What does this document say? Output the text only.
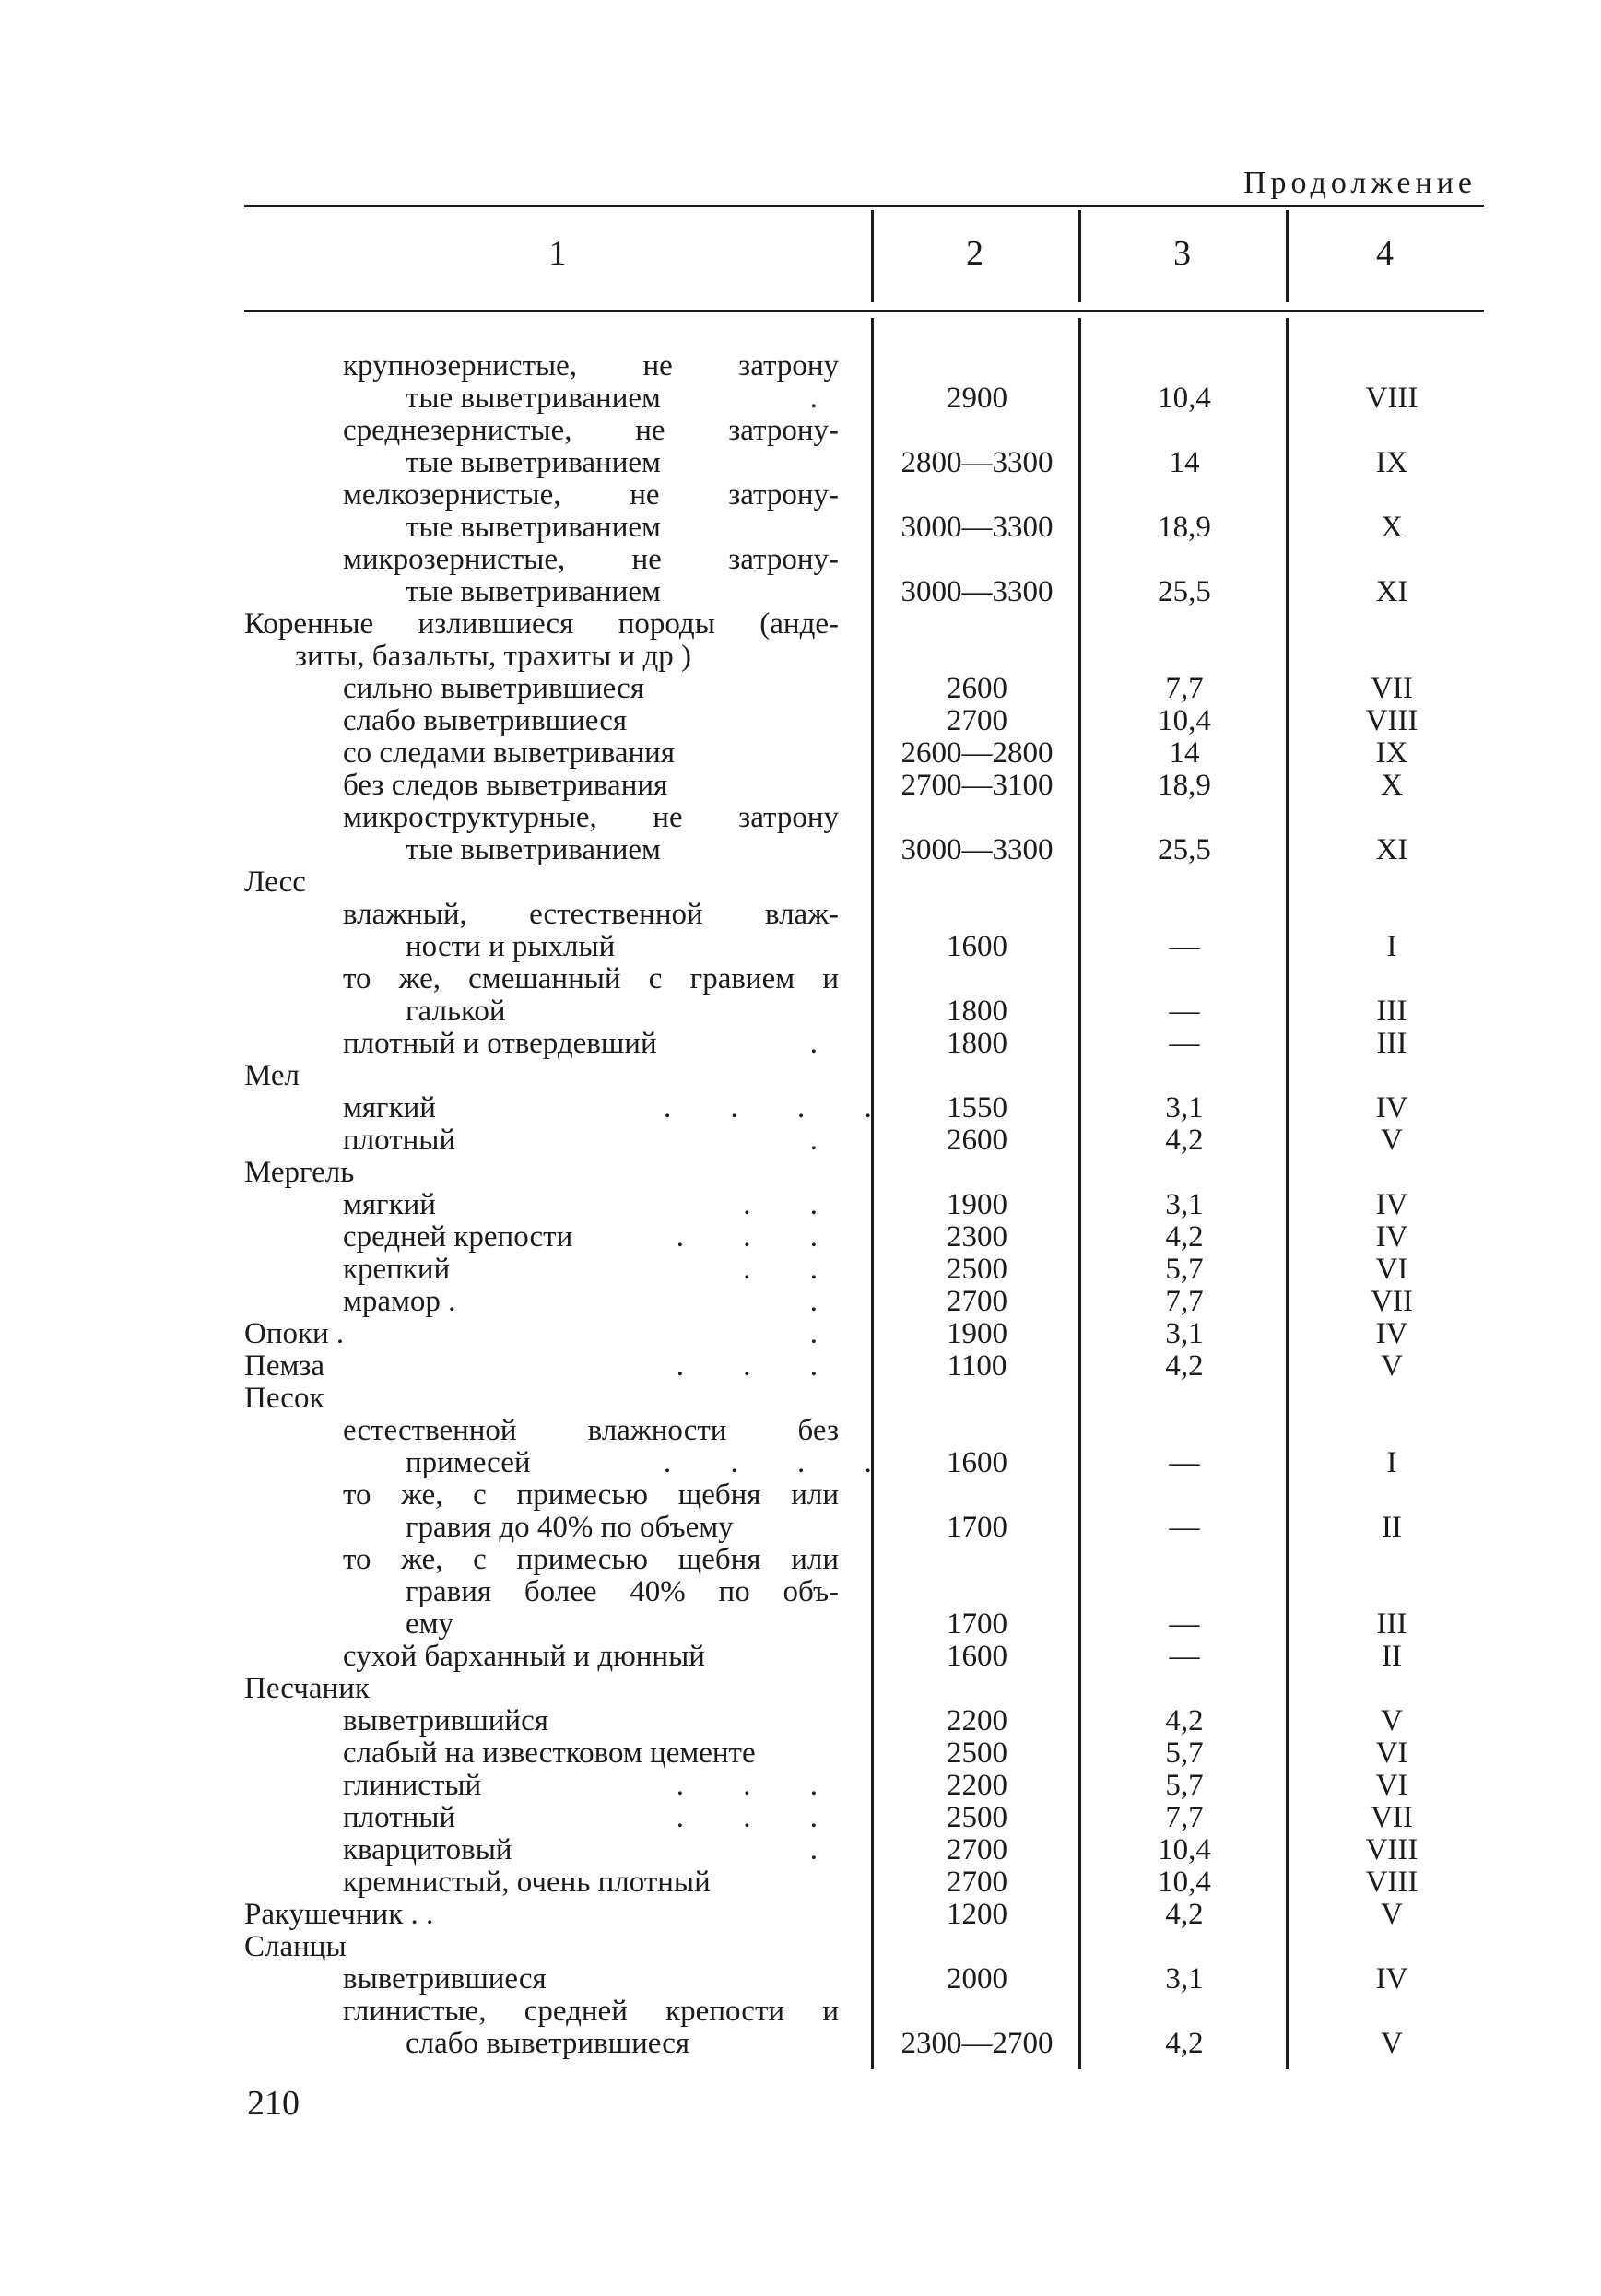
Продолжение
1	2	3	4
крупнозернистые, не затрону
тые выветриванием	.	2900	10,4	VIII
среднезернистые, не затрону-
тые выветриванием	2800—3300	14	IX
мелкозернистые, не затрону-
тые выветриванием	3000—3300	18,9	X
микрозернистые, не затрону-
тые выветриванием	3000—3300	25,5	XI
Коренные излившиеся породы (анде-
зиты, базальты, трахиты и др )
сильно выветрившиеся	2600	7,7	VII
слабо выветрившиеся	2700	10,4	VIII
со следами выветривания	2600—2800	14	IX
без следов выветривания	2700—3100	18,9	X
микроструктурные, не затрону
тые выветриванием	3000—3300	25,5	XI
Лесс
влажный, естественной влаж-
ности и рыхлый	1600	—	I
то же, смешанный с гравием и
галькой	1800	—	III
плотный и отвердевший	.	1800	—	III
Мел
мягкий	. . . .	1550	3,1	IV
плотный	.	2600	4,2	V
Мергель
мягкий	. .	1900	3,1	IV
средней крепости	. . .	2300	4,2	IV
крепкий	. .	2500	5,7	VI
мрамор .	.	2700	7,7	VII
Опоки .	.	1900	3,1	IV
Пемза	. . .	1100	4,2	V
Песок
естественной влажности без
примесей	. . . .	1600	—	I
то же, с примесью щебня или
гравия до 40% по объему	1700	—	II
то же, с примесью щебня или
гравия более 40% по объ-
ему	1700	—	III
сухой барханный и дюнный	1600	—	II
Песчаник
выветрившийся	2200	4,2	V
слабый на известковом цементе	2500	5,7	VI
глинистый	. . .	2200	5,7	VI
плотный	. . .	2500	7,7	VII
кварцитовый	.	2700	10,4	VIII
кремнистый, очень плотный	2700	10,4	VIII
Ракушечник . .	1200	4,2	V
Сланцы
выветрившиеся	2000	3,1	IV
глинистые, средней крепости и
слабо выветрившиеся	2300—2700	4,2	V
210
